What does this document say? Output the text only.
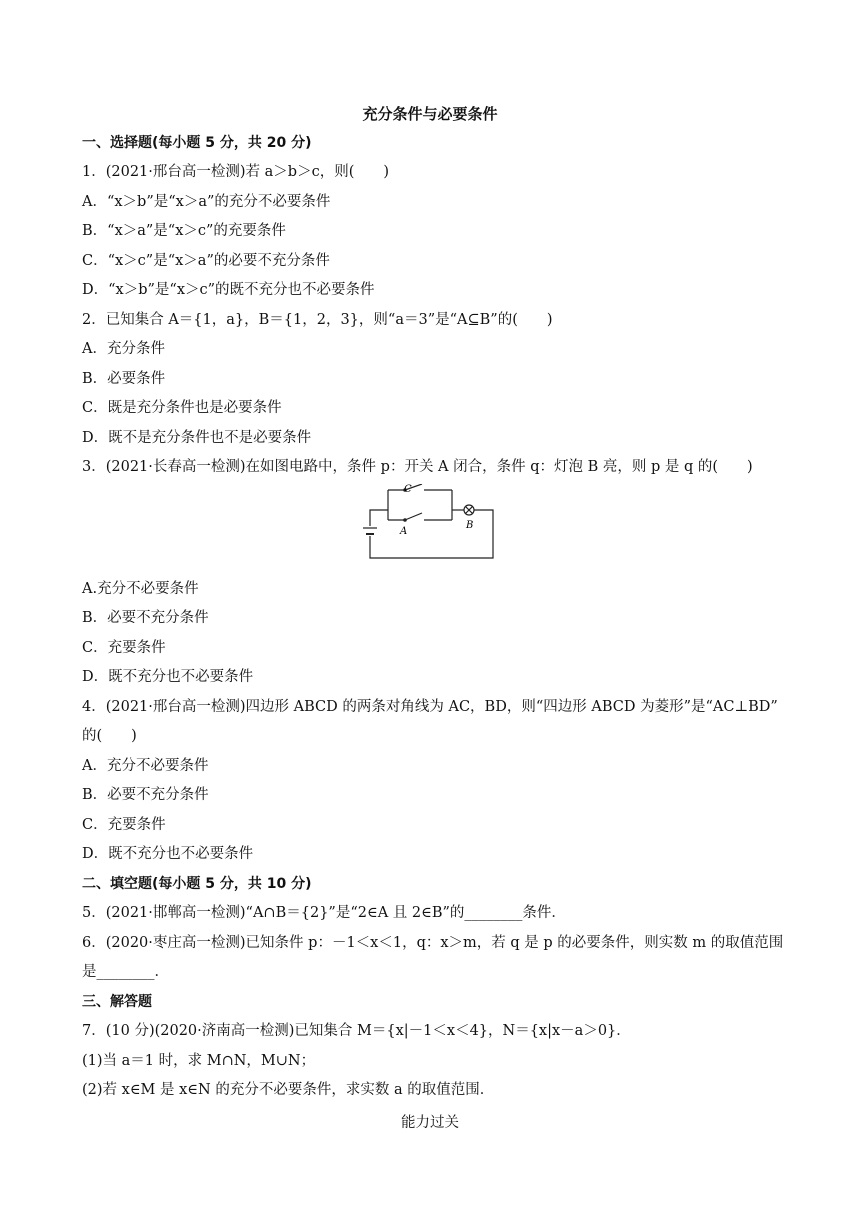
充分条件与必要条件
一、选择题(每小题 5 分，共 20 分)
1．(2021·邢台高一检测)若 a＞b＞c，则(　　)
A．“x＞b”是“x＞a”的充分不必要条件
B．“x＞a”是“x＞c”的充要条件
C．“x＞c”是“x＞a”的必要不充分条件
D．“x＞b”是“x＞c”的既不充分也不必要条件
2．已知集合 A＝{1，a}，B＝{1，2，3}，则“a＝3”是“A⊆B”的(　　)
A．充分条件
B．必要条件
C．既是充分条件也是必要条件
D．既不是充分条件也不是必要条件
3．(2021·长春高一检测)在如图电路中，条件 p：开关 A 闭合，条件 q：灯泡 B 亮，则 p 是 q 的(　　)
C
A
B
A.充分不必要条件
B．必要不充分条件
C．充要条件
D．既不充分也不必要条件
4．(2021·邢台高一检测)四边形 ABCD 的两条对角线为 AC，BD，则“四边形 ABCD 为菱形”是“AC⊥BD”
的(　　)
A．充分不必要条件
B．必要不充分条件
C．充要条件
D．既不充分也不必要条件
二、填空题(每小题 5 分，共 10 分)
5．(2021·邯郸高一检测)“A∩B＝{2}”是“2∈A 且 2∈B”的________条件．
6．(2020·枣庄高一检测)已知条件 p：－1＜x＜1，q：x＞m，若 q 是 p 的必要条件，则实数 m 的取值范围
是________．
三、解答题
7．(10 分)(2020·济南高一检测)已知集合 M＝{x|－1＜x＜4}，N＝{x|x－a＞0}．
(1)当 a＝1 时，求 M∩N，M∪N；
(2)若 x∈M 是 x∈N 的充分不必要条件，求实数 a 的取值范围．
能力过关
